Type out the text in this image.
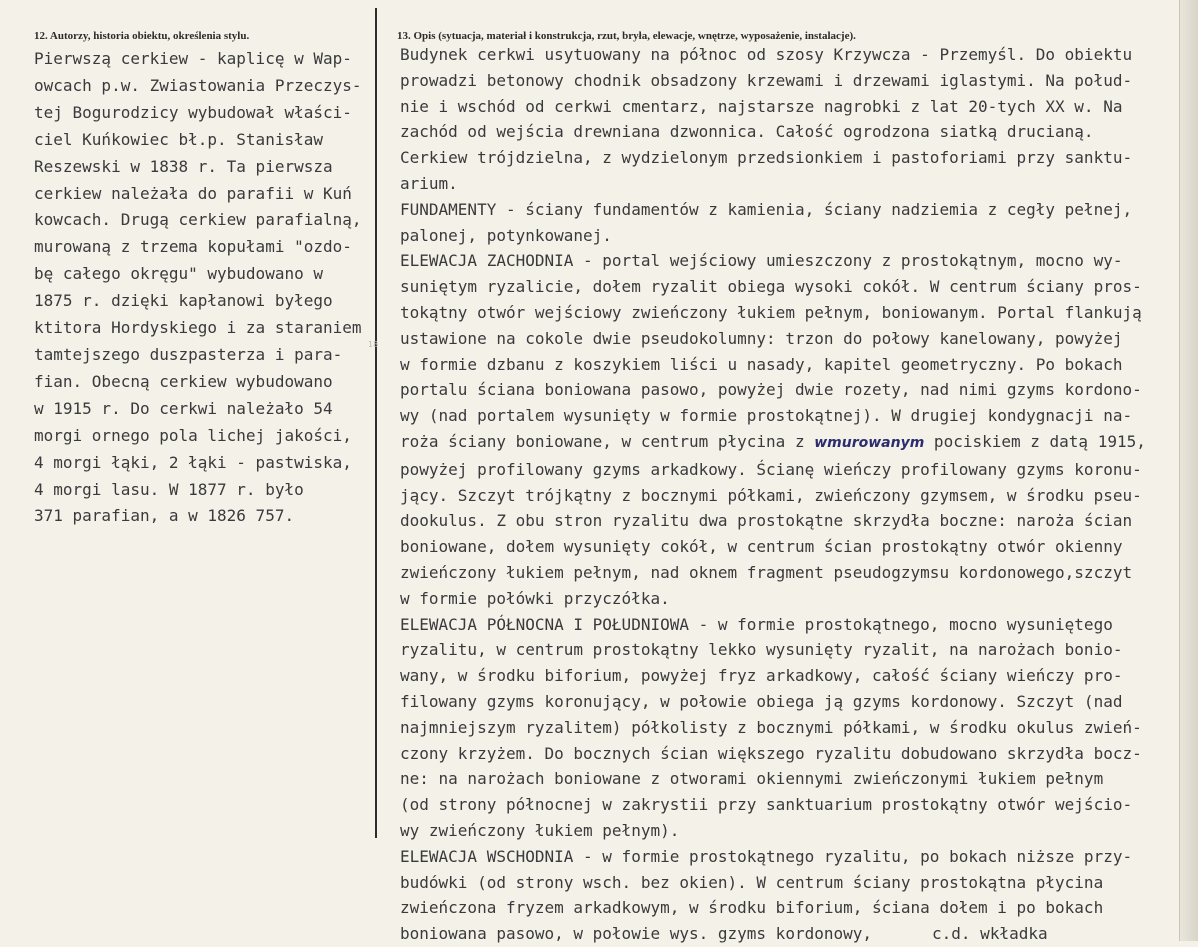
12. Autorzy, historia obiektu, określenia stylu.	13. Opis (sytuacja, materiał i konstrukcja, rzut, bryła, elewacje, wnętrze, wyposażenie, instalacje).
18
Pierwszą cerkiew - kaplicę w Wap-
owcach p.w. Zwiastowania Przeczys-
tej Bogurodzicy wybudował właści-
ciel Kuńkowiec bł.p. Stanisław
Reszewski w 1838 r. Ta pierwsza
cerkiew należała do parafii w Kuń
kowcach. Drugą cerkiew parafialną,
murowaną z trzema kopułami "ozdo-
bę całego okręgu" wybudowano w
1875 r. dzięki kapłanowi byłego
ktitora Hordyskiego i za staraniem
tamtejszego duszpasterza i para-
fian. Obecną cerkiew wybudowano
w 1915 r. Do cerkwi należało 54
morgi ornego pola lichej jakości,
4 morgi łąki, 2 łąki - pastwiska,
4 morgi lasu. W 1877 r. było
371 parafian, a w 1826 757.
Budynek cerkwi usytuowany na północ od szosy Krzywcza - Przemyśl. Do obiektu
prowadzi betonowy chodnik obsadzony krzewami i drzewami iglastymi. Na połud-
nie i wschód od cerkwi cmentarz, najstarsze nagrobki z lat 20-tych XX w. Na
zachód od wejścia drewniana dzwonnica. Całość ogrodzona siatką drucianą.
Cerkiew trójdzielna, z wydzielonym przedsionkiem i pastoforiami przy sanktu-
arium.
FUNDAMENTY - ściany fundamentów z kamienia, ściany nadziemia z cegły pełnej,
palonej, potynkowanej.
ELEWACJA ZACHODNIA - portal wejściowy umieszczony z prostokątnym, mocno wy-
suniętym ryzalicie, dołem ryzalit obiega wysoki cokół. W centrum ściany pros-
tokątny otwór wejściowy zwieńczony łukiem pełnym, boniowanym. Portal flankują
ustawione na cokole dwie pseudokolumny: trzon do połowy kanelowany, powyżej
w formie dzbanu z koszykiem liści u nasady, kapitel geometryczny. Po bokach
portalu ściana boniowana pasowo, powyżej dwie rozety, nad nimi gzyms kordono-
wy (nad portalem wysunięty w formie prostokątnej). W drugiej kondygnacji na-
roża ściany boniowane, w centrum płycina z wmurowanym pociskiem z datą 1915,
powyżej profilowany gzyms arkadkowy. Ścianę wieńczy profilowany gzyms koronu-
jący. Szczyt trójkątny z bocznymi półkami, zwieńczony gzymsem, w środku pseu-
dookulus. Z obu stron ryzalitu dwa prostokątne skrzydła boczne: naroża ścian
boniowane, dołem wysunięty cokół, w centrum ścian prostokątny otwór okienny
zwieńczony łukiem pełnym, nad oknem fragment pseudogzymsu kordonowego,szczyt
w formie połówki przyczółka.
ELEWACJA PÓŁNOCNA I POŁUDNIOWA - w formie prostokątnego, mocno wysuniętego
ryzalitu, w centrum prostokątny lekko wysunięty ryzalit, na narożach bonio-
wany, w środku biforium, powyżej fryz arkadkowy, całość ściany wieńczy pro-
filowany gzyms koronujący, w połowie obiega ją gzyms kordonowy. Szczyt (nad
najmniejszym ryzalitem) półkolisty z bocznymi półkami, w środku okulus zwień-
czony krzyżem. Do bocznych ścian większego ryzalitu dobudowano skrzydła bocz-
ne: na narożach boniowane z otworami okiennymi zwieńczonymi łukiem pełnym
(od strony północnej w zakrystii przy sanktuarium prostokątny otwór wejścio-
wy zwieńczony łukiem pełnym).
ELEWACJA WSCHODNIA - w formie prostokątnego ryzalitu, po bokach niższe przy-
budówki (od strony wsch. bez okien). W centrum ściany prostokątna płycina
zwieńczona fryzem arkadkowym, w środku biforium, ściana dołem i po bokach
boniowana pasowo, w połowie wys. gzyms kordonowy,	c.d. wkładka
